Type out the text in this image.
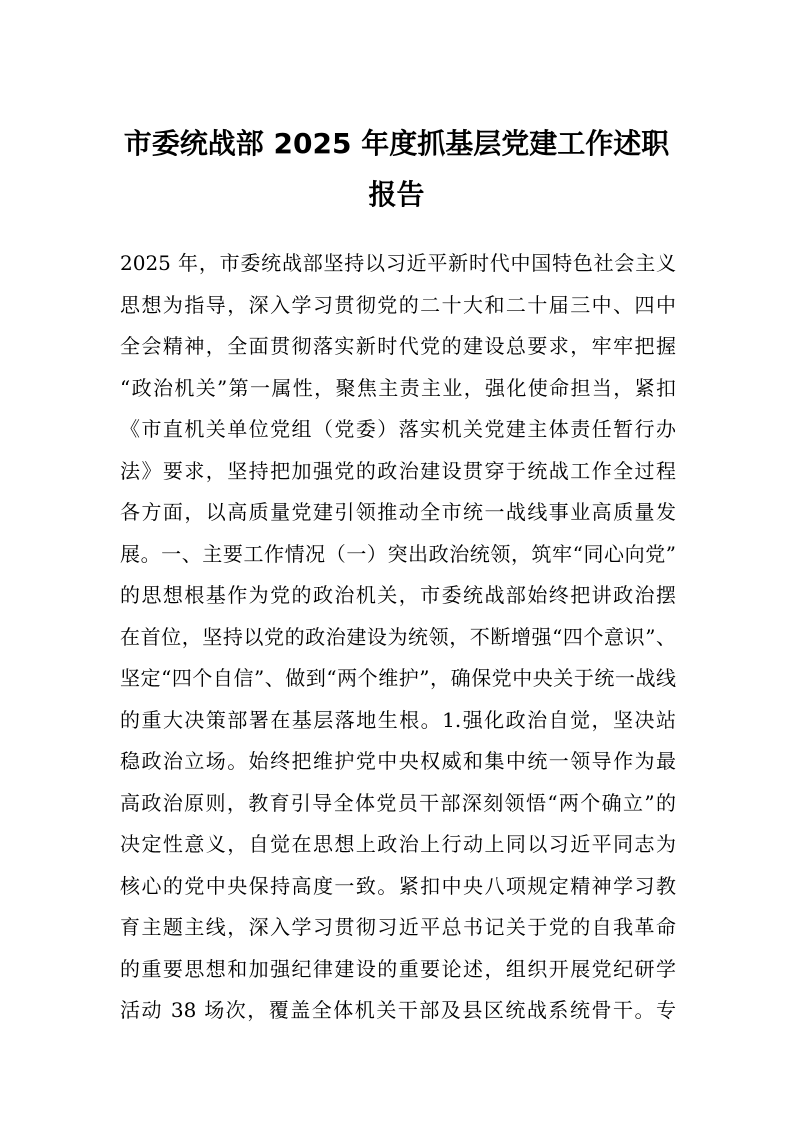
市委统战部 2025 年度抓基层党建工作述职
报告
2025 年，市委统战部坚持以习近平新时代中国特色社会主义
思想为指导，深入学习贯彻党的二十大和二十届三中、四中
全会精神，全面贯彻落实新时代党的建设总要求，牢牢把握
“政治机关”第一属性，聚焦主责主业，强化使命担当，紧扣
《市直机关单位党组（党委）落实机关党建主体责任暂行办
法》要求，坚持把加强党的政治建设贯穿于统战工作全过程
各方面，以高质量党建引领推动全市统一战线事业高质量发
展。一、主要工作情况（一）突出政治统领，筑牢“同心向党”
的思想根基作为党的政治机关，市委统战部始终把讲政治摆
在首位，坚持以党的政治建设为统领，不断增强“四个意识”、
坚定“四个自信”、做到“两个维护”，确保党中央关于统一战线
的重大决策部署在基层落地生根。1.强化政治自觉，坚决站
稳政治立场。始终把维护党中央权威和集中统一领导作为最
高政治原则，教育引导全体党员干部深刻领悟“两个确立”的
决定性意义，自觉在思想上政治上行动上同以习近平同志为
核心的党中央保持高度一致。紧扣中央八项规定精神学习教
育主题主线，深入学习贯彻习近平总书记关于党的自我革命
的重要思想和加强纪律建设的重要论述，组织开展党纪研学
活动 38 场次，覆盖全体机关干部及县区统战系统骨干。专
